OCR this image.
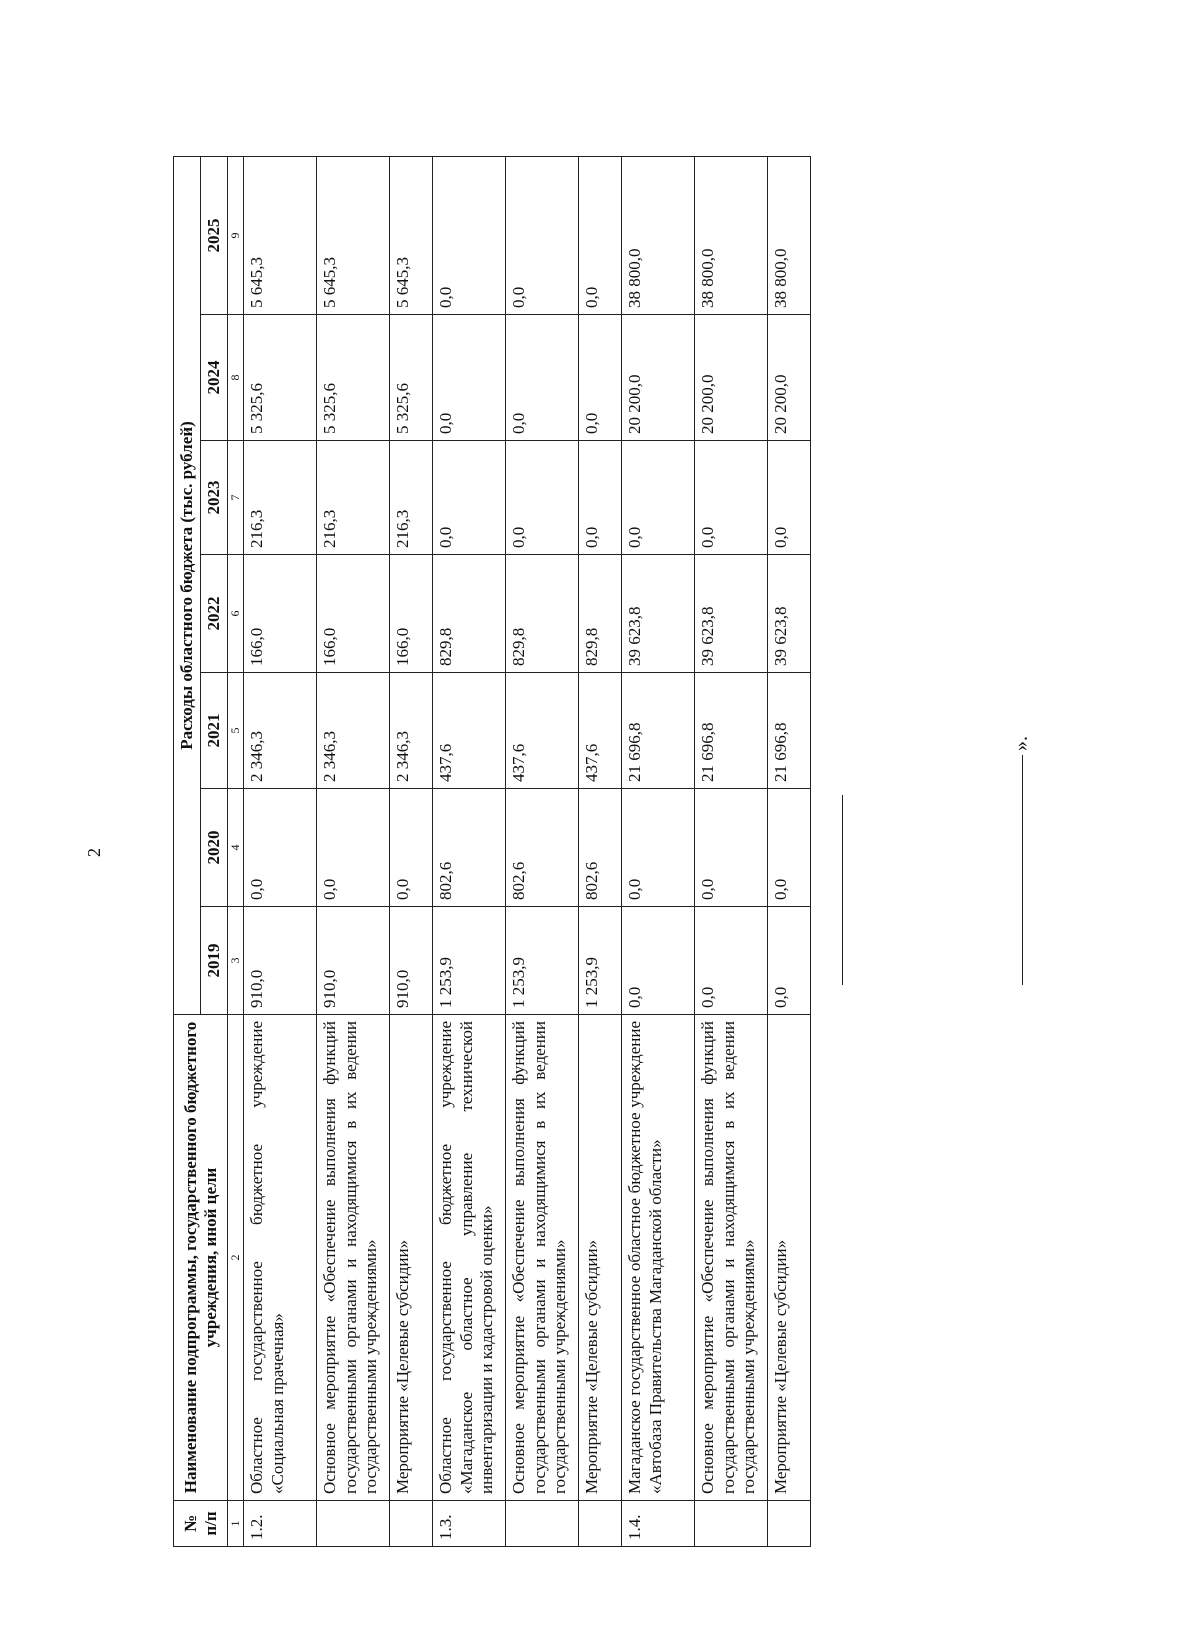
2
№ п/п	Наименование подпрограммы, государственного бюджетного учреждения, иной цели	Расходы областного бюджета (тыс. рублей)						
		2019	2020	2021	2022	2023	2024	2025
1	2	3	4	5	6	7	8	9
1.2.	Областное государственное бюджетное учреждение «Социальная прачечная»	910,0	0,0	2 346,3	166,0	216,3	5 325,6	5 645,3
	Основное мероприятие «Обеспечение выполнения функций государственными органами и находящимися в их ведении государственными учреждениями»	910,0	0,0	2 346,3	166,0	216,3	5 325,6	5 645,3
	Мероприятие «Целевые субсидии»	910,0	0,0	2 346,3	166,0	216,3	5 325,6	5 645,3
1.3.	Областное государственное бюджетное учреждение «Магаданское областное управление технической инвентаризации и кадастровой оценки»	1 253,9	802,6	437,6	829,8	0,0	0,0	0,0
	Основное мероприятие «Обеспечение выполнения функций государственными органами и находящимися в их ведении государственными учреждениями»	1 253,9	802,6	437,6	829,8	0,0	0,0	0,0
	Мероприятие «Целевые субсидии»	1 253,9	802,6	437,6	829,8	0,0	0,0	0,0
1.4.	Магаданское государственное областное бюджетное учреждение «Автобаза Правительства Магаданской области»	0,0	0,0	21 696,8	39 623,8	0,0	20 200,0	38 800,0
	Основное мероприятие «Обеспечение выполнения функций государственными органами и находящимися в их ведении государственными учреждениями»	0,0	0,0	21 696,8	39 623,8	0,0	20 200,0	38 800,0
	Мероприятие «Целевые субсидии»	0,0	0,0	21 696,8	39 623,8	0,0	20 200,0	38 800,0
».
